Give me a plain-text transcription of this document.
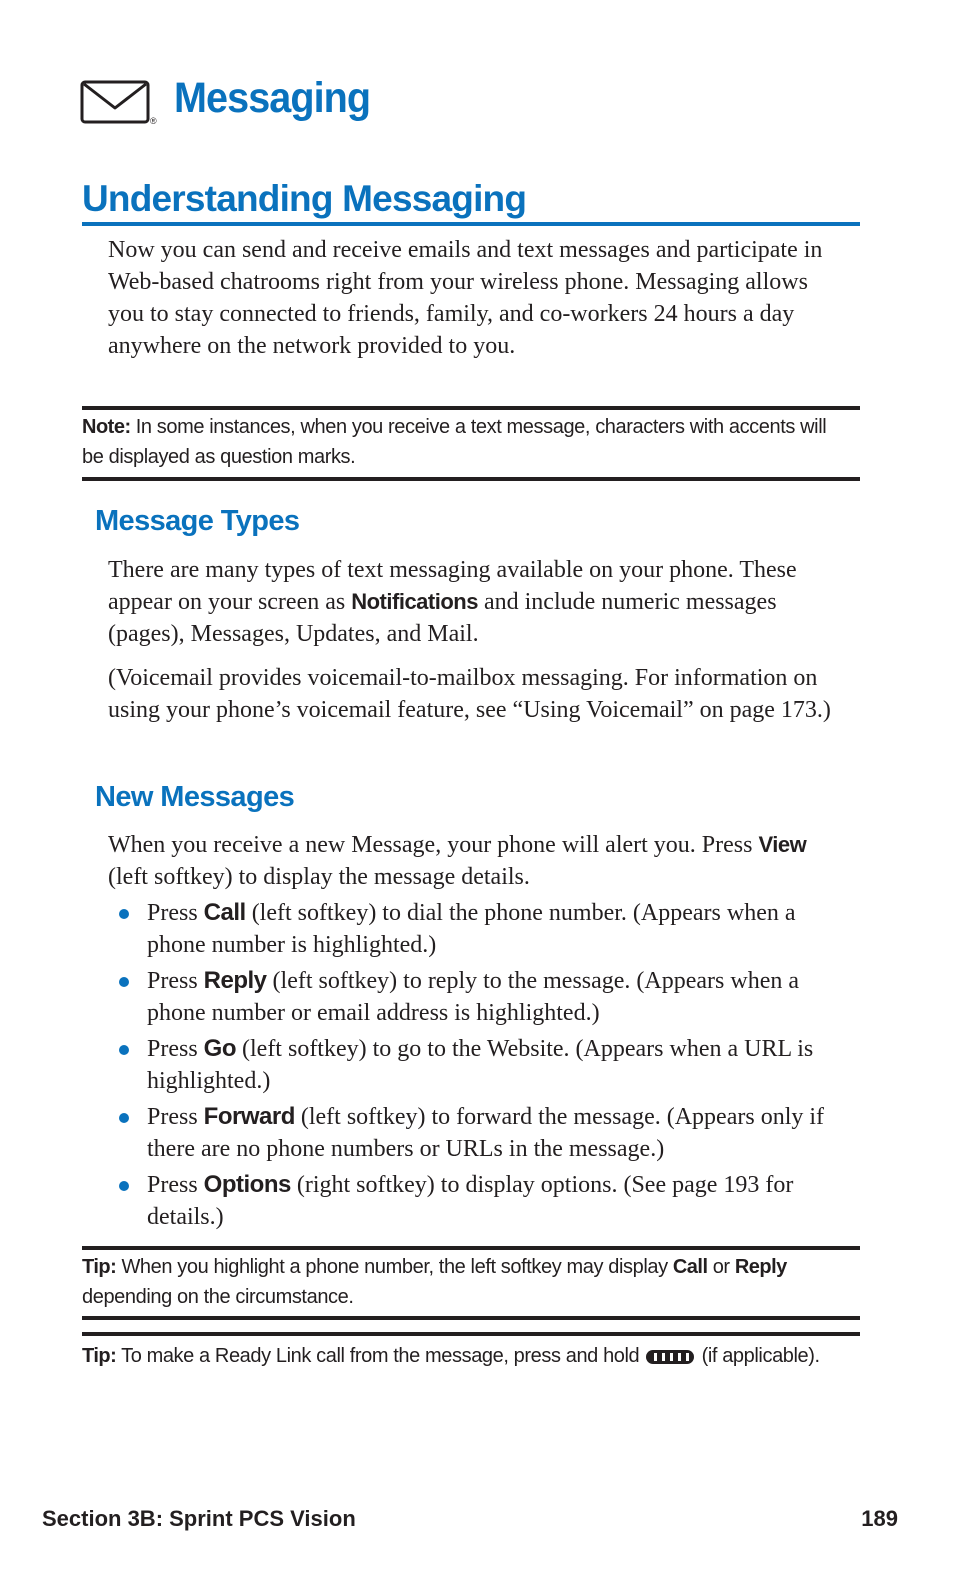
® Messaging
Understanding Messaging

Now you can send and receive emails and text messages and participate in Web-based chatrooms right from your wireless phone. Messaging allows you to stay connected to friends, family, and co-workers 24 hours a day anywhere on the network provided to you.

Note: In some instances, when you receive a text message, characters with accents will be displayed as question marks.

Message Types

There are many types of text messaging available on your phone. These appear on your screen as Notifications and include numeric messages (pages), Messages, Updates, and Mail.

(Voicemail provides voicemail-to-mailbox messaging. For information on using your phone’s voicemail feature, see “Using Voicemail” on page 173.)

New Messages

When you receive a new Message, your phone will alert you. Press View (left softkey) to display the message details.

Press Call (left softkey) to dial the phone number. (Appears when a phone number is highlighted.)
Press Reply (left softkey) to reply to the message. (Appears when a phone number or email address is highlighted.)
Press Go (left softkey) to go to the Website. (Appears when a URL is highlighted.)
Press Forward (left softkey) to forward the message. (Appears only if there are no phone numbers or URLs in the message.)
Press Options (right softkey) to display options. (See page 193 for details.)

Tip: When you highlight a phone number, the left softkey may display Call or Reply depending on the circumstance.

Tip: To make a Ready Link call from the message, press and hold	(if applicable).

Section 3B: Sprint PCS Vision	189
